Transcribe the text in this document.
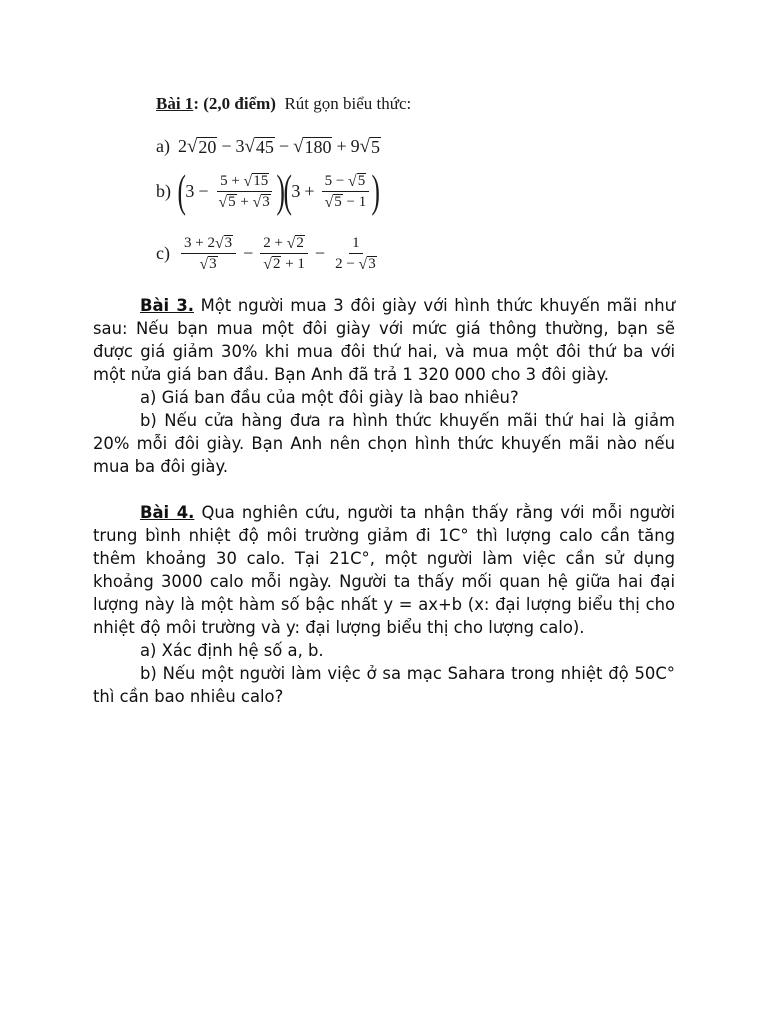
Bài 1: (2,0 điểm) Rút gọn biểu thức:
a) 2 √ 20 − 3 √ 45 − √ 180 + 9 √ 5
b) ( $3 - \frac{5 + √ 15}{√ 5 + √ 3}$ )
( $3 + \frac{5 - √ 5}{√ 5 - 1}$ )
$c) \frac{3 + 2 √ 3}{√ 3} - \frac{2 + √ 2}{√ 2 + 1} - \frac{1}{2 - √ 3}$

Bài 3. Một người mua 3 đôi giày với hình thức khuyến mãi như sau: Nếu bạn mua một đôi giày với mức giá thông thường, bạn sẽ được giá giảm 30% khi mua đôi thứ hai, và mua một đôi thứ ba với một nửa giá ban đầu. Bạn Anh đã trả 1 320 000 cho 3 đôi giày.

a) Giá ban đầu của một đôi giày là bao nhiêu?

b) Nếu cửa hàng đưa ra hình thức khuyến mãi thứ hai là giảm 20% mỗi đôi giày. Bạn Anh nên chọn hình thức khuyến mãi nào nếu mua ba đôi giày.

Bài 4. Qua nghiên cứu, người ta nhận thấy rằng với mỗi người trung bình nhiệt độ môi trường giảm đi 1C° thì lượng calo cần tăng thêm khoảng 30 calo. Tại 21C°, một người làm việc cần sử dụng khoảng 3000 calo mỗi ngày. Người ta thấy mối quan hệ giữa hai đại lượng này là một hàm số bậc nhất y = ax+b (x: đại lượng biểu thị cho nhiệt độ môi trường và y: đại lượng biểu thị cho lượng calo).

a) Xác định hệ số a, b.

b) Nếu một người làm việc ở sa mạc Sahara trong nhiệt độ 50C° thì cần bao nhiêu calo?
